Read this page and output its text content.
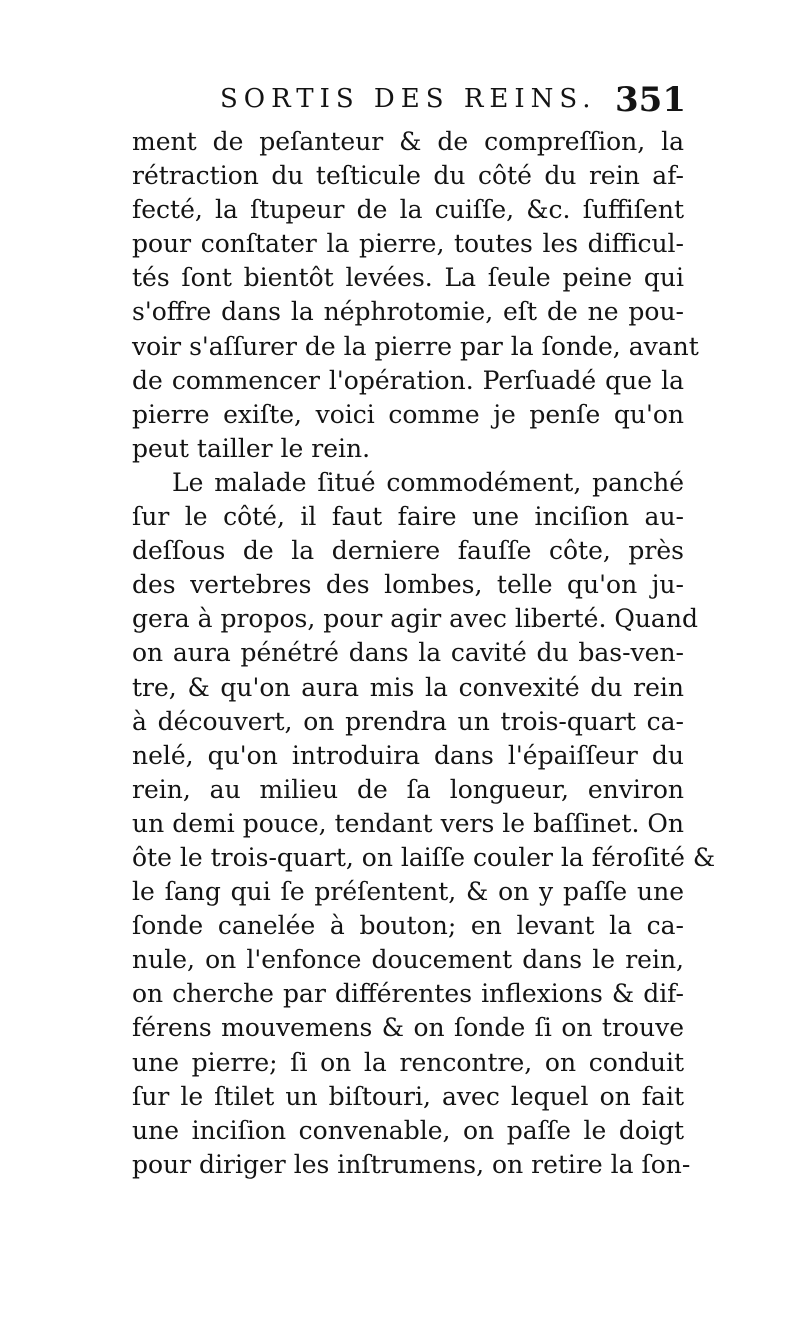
SORTIS DES REINS. 351
ment de peſanteur & de compreſſion, la
rétraction du teſticule du côté du rein af-
fecté, la ſtupeur de la cuiſſe, &c. ſuffiſent
pour conſtater la pierre, toutes les difficul-
tés ſont bientôt levées. La ſeule peine qui
s'offre dans la néphrotomie, eſt de ne pou-
voir s'aſſurer de la pierre par la ſonde, avant
de commencer l'opération. Perſuadé que la
pierre exiſte, voici comme je penſe qu'on
peut tailler le rein.
Le malade ſitué commodément, panché
ſur le côté, il faut faire une inciſion au-
deſſous de la derniere fauſſe côte, près
des vertebres des lombes, telle qu'on ju-
gera à propos, pour agir avec liberté. Quand
on aura pénétré dans la cavité du bas-ven-
tre, & qu'on aura mis la convexité du rein
à découvert, on prendra un trois-quart ca-
nelé, qu'on introduira dans l'épaiſſeur du
rein, au milieu de ſa longueur, environ
un demi pouce, tendant vers le baſſinet. On
ôte le trois-quart, on laiſſe couler la féroſité &
le ſang qui ſe préſentent, & on y paſſe une
ſonde canelée à bouton; en levant la ca-
nule, on l'enfonce doucement dans le rein,
on cherche par différentes inflexions & dif-
férens mouvemens & on ſonde ſi on trouve
une pierre; ſi on la rencontre, on conduit
ſur le ſtilet un biſtouri, avec lequel on fait
une inciſion convenable, on paſſe le doigt
pour diriger les inſtrumens, on retire la ſon-
